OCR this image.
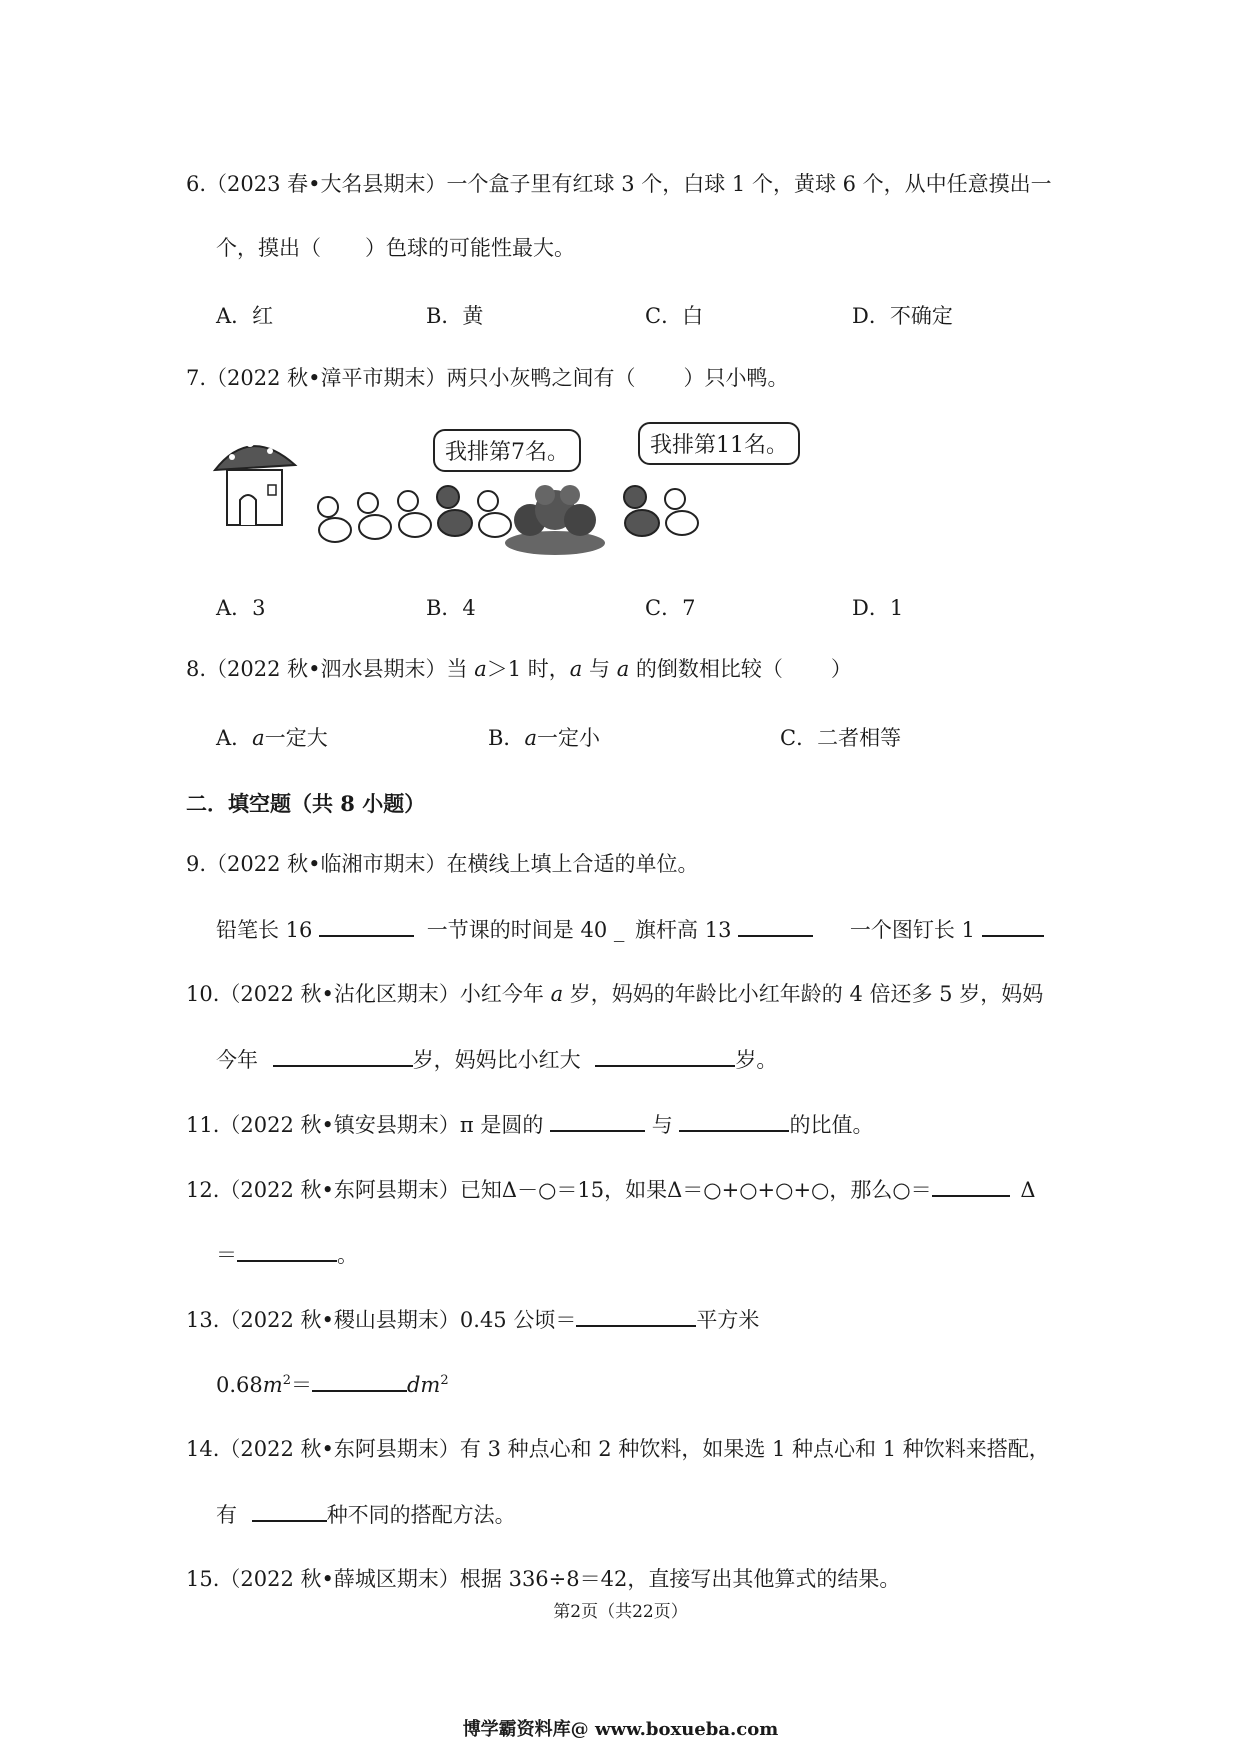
6.（2023 春•大名县期末）一个盒子里有红球 3 个，白球 1 个，黄球 6 个，从中任意摸出一
个，摸出（ ）色球的可能性最大。
A．红	B．黄	C．白	D．不确定
7.（2022 秋•漳平市期末）两只小灰鸭之间有（ ）只小鸭。
我排第7名。	我排第11名。
A．3	B．4	C．7	D．1
8.（2022 秋•泗水县期末）当 a＞1 时，a 与 a 的倒数相比较（ ）
A．a一定大	B．a一定小	C．二者相等
二．填空题（共 8 小题）
9.（2022 秋•临湘市期末）在横线上填上合适的单位。
铅笔长 16	一节课的时间是 40 _ 旗杆高 13	一个图钉长 1
10.（2022 秋•沾化区期末）小红今年 a 岁，妈妈的年龄比小红年龄的 4 倍还多 5 岁，妈妈
今年	岁，妈妈比小红大	岁。
11.（2022 秋•镇安县期末）π 是圆的	与	的比值。
12.（2022 秋•东阿县期末）已知Δ－○＝15，如果Δ＝○+○+○+○，那么○＝	Δ
＝	。
13.（2022 秋•稷山县期末）0.45 公顷＝	平方米
$0.68m^2=$	$dm^2$
14.（2022 秋•东阿县期末）有 3 种点心和 2 种饮料，如果选 1 种点心和 1 种饮料来搭配，
有	种不同的搭配方法。
15.（2022 秋•薛城区期末）根据 336÷8＝42，直接写出其他算式的结果。
第2页（共22页）
博学霸资料库@ www.boxueba.com
